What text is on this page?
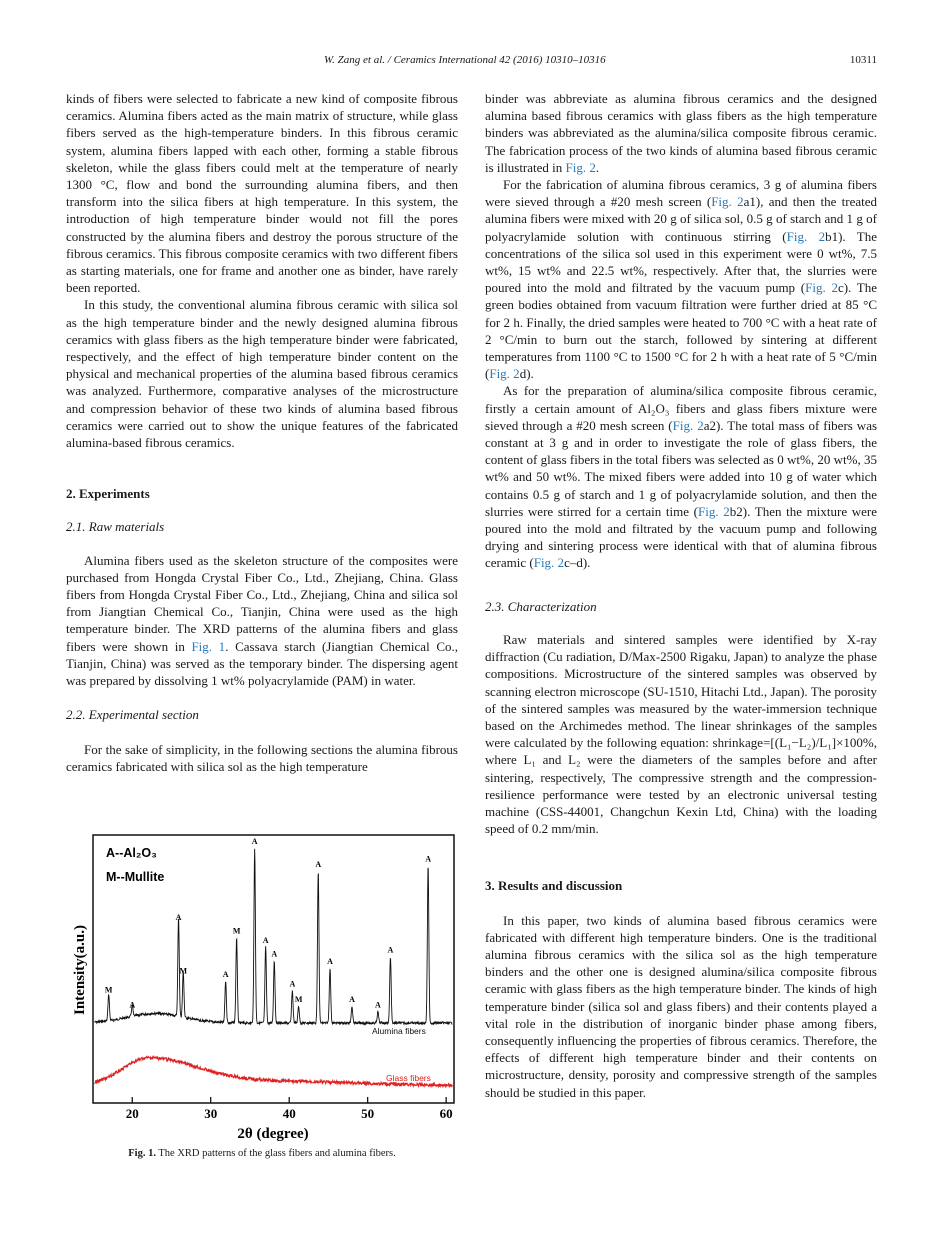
W. Zang et al. / Ceramics International 42 (2016) 10310–10316	10311

kinds of fibers were selected to fabricate a new kind of composite fibrous ceramics. Alumina fibers acted as the main matrix of structure, while glass fibers served as the high-temperature binders. In this fibrous ceramic system, alumina fibers lapped with each other, forming a stable fibrous skeleton, while the glass fibers could melt at the temperature of nearly 1300 °C, flow and bond the surrounding alumina fibers, and then transform into the silica fibers at high temperature. In this system, the introduction of high temperature binder would not fill the pores constructed by the alumina fibers and destroy the porous structure of the fibrous ceramics. This fibrous composite ceramics with two different fibers as starting materials, one for frame and another one as binder, have rarely been reported.

In this study, the conventional alumina fibrous ceramic with silica sol as the high temperature binder and the newly designed alumina fibrous ceramics with glass fibers as the high temperature binder were fabricated, respectively, and the effect of high temperature binder content on the physical and mechanical properties of the alumina based fibrous ceramics was analyzed. Furthermore, comparative analyses of the microstructure and compression behavior of these two kinds of alumina based fibrous ceramics were carried out to show the unique features of the fabricated alumina-based fibrous ceramics.

2. Experiments
2.1. Raw materials

Alumina fibers used as the skeleton structure of the composites were purchased from Hongda Crystal Fiber Co., Ltd., Zhejiang, China. Glass fibers from Hongda Crystal Fiber Co., Ltd., Zhejiang, China and silica sol from Jiangtian Chemical Co., Tianjin, China were used as the high temperature binder. The XRD patterns of the alumina fibers and glass fibers were shown in Fig. 1. Cassava starch (Jiangtian Chemical Co., Tianjin, China) was served as the temporary binder. The dispersing agent was prepared by dissolving 1 wt% polyacrylamide (PAM) in water.

2.2. Experimental section

For the sake of simplicity, in the following sections the alumina fibrous ceramics fabricated with silica sol as the high temperature

binder was abbreviate as alumina fibrous ceramics and the designed alumina based fibrous ceramics with glass fibers as the high temperature binders was abbreviated as the alumina/silica composite fibrous ceramic. The fabrication process of the two kinds of alumina based fibrous ceramic is illustrated in Fig. 2.

For the fabrication of alumina fibrous ceramics, 3 g of alumina fibers were sieved through a #20 mesh screen (Fig. 2a1), and then the treated alumina fibers were mixed with 20 g of silica sol, 0.5 g of starch and 1 g of polyacrylamide solution with continuous stirring (Fig. 2b1). The concentrations of the silica sol used in this experiment were 0 wt%, 7.5 wt%, 15 wt% and 22.5 wt%, respectively. After that, the slurries were poured into the mold and filtrated by the vacuum pump (Fig. 2c). The green bodies obtained from vacuum filtration were further dried at 85 °C for 2 h. Finally, the dried samples were heated to 700 °C with a heat rate of 2 °C/min to burn out the starch, followed by sintering at different temperatures from 1100 °C to 1500 °C for 2 h with a heat rate of 5 °C/min (Fig. 2d).

As for the preparation of alumina/silica composite fibrous ceramic, firstly a certain amount of Al₂O₃ fibers and glass fibers mixture were sieved through a #20 mesh screen (Fig. 2a2). The total mass of fibers was constant at 3 g and in order to investigate the role of glass fibers, the content of glass fibers in the total fibers was selected as 0 wt%, 20 wt%, 35 wt% and 50 wt%. The mixed fibers were added into 10 g of water which contains 0.5 g of starch and 1 g of polyacrylamide solution, and then the slurries were stirred for a certain time (Fig. 2b2). Then the mixture were poured into the mold and filtrated by the vacuum pump and following drying and sintering process were identical with that of alumina fibrous ceramic (Fig. 2c–d).

2.3. Characterization

Raw materials and sintered samples were identified by X-ray diffraction (Cu radiation, D/Max-2500 Rigaku, Japan) to analyze the phase compositions. Microstructure of the sintered samples was observed by scanning electron microscope (SU-1510, Hitachi Ltd., Japan). The porosity of the sintered samples was measured by the water-immersion technique based on the Archimedes method. The linear shrinkages of the samples were calculated by the following equation: shrinkage=[(L₁−L₂)/L₁]×100%, where L₁ and L₂ were the diameters of the samples before and after sintering, respectively, The compressive strength and the compression-resilience performance were tested by an electronic universal testing machine (CSS-44001, Changchun Kexin Ltd, China) with the loading speed of 0.2 mm/min.

3. Results and discussion

In this paper, two kinds of alumina based fibrous ceramics were fabricated with different high temperature binders. One is the traditional alumina fibrous ceramics with the silica sol as the high temperature binders and the other one is designed alumina/silica composite fibrous ceramic with glass fibers as the high temperature binder. The kinds of high temperature binder (silica sol and glass fibers) and their contents played a vital role in the distribution of inorganic binder phase among fibers, consequently influencing the properties of fibrous ceramics. Therefore, the effects of different high temperature binder and their contents on microstructure, density, porosity and compressive strength of the samples should be studied in this paper.

20	30	40	50	60
M
A
A
M	A
M
A
A
A
A
M
A
A
A
A
A
A
A--Al₂O₃
M--Mullite
Alumina fibers
Glass fibers
Intensity(a.u.)
2θ (degree)
Fig. 1. The XRD patterns of the glass fibers and alumina fibers.
